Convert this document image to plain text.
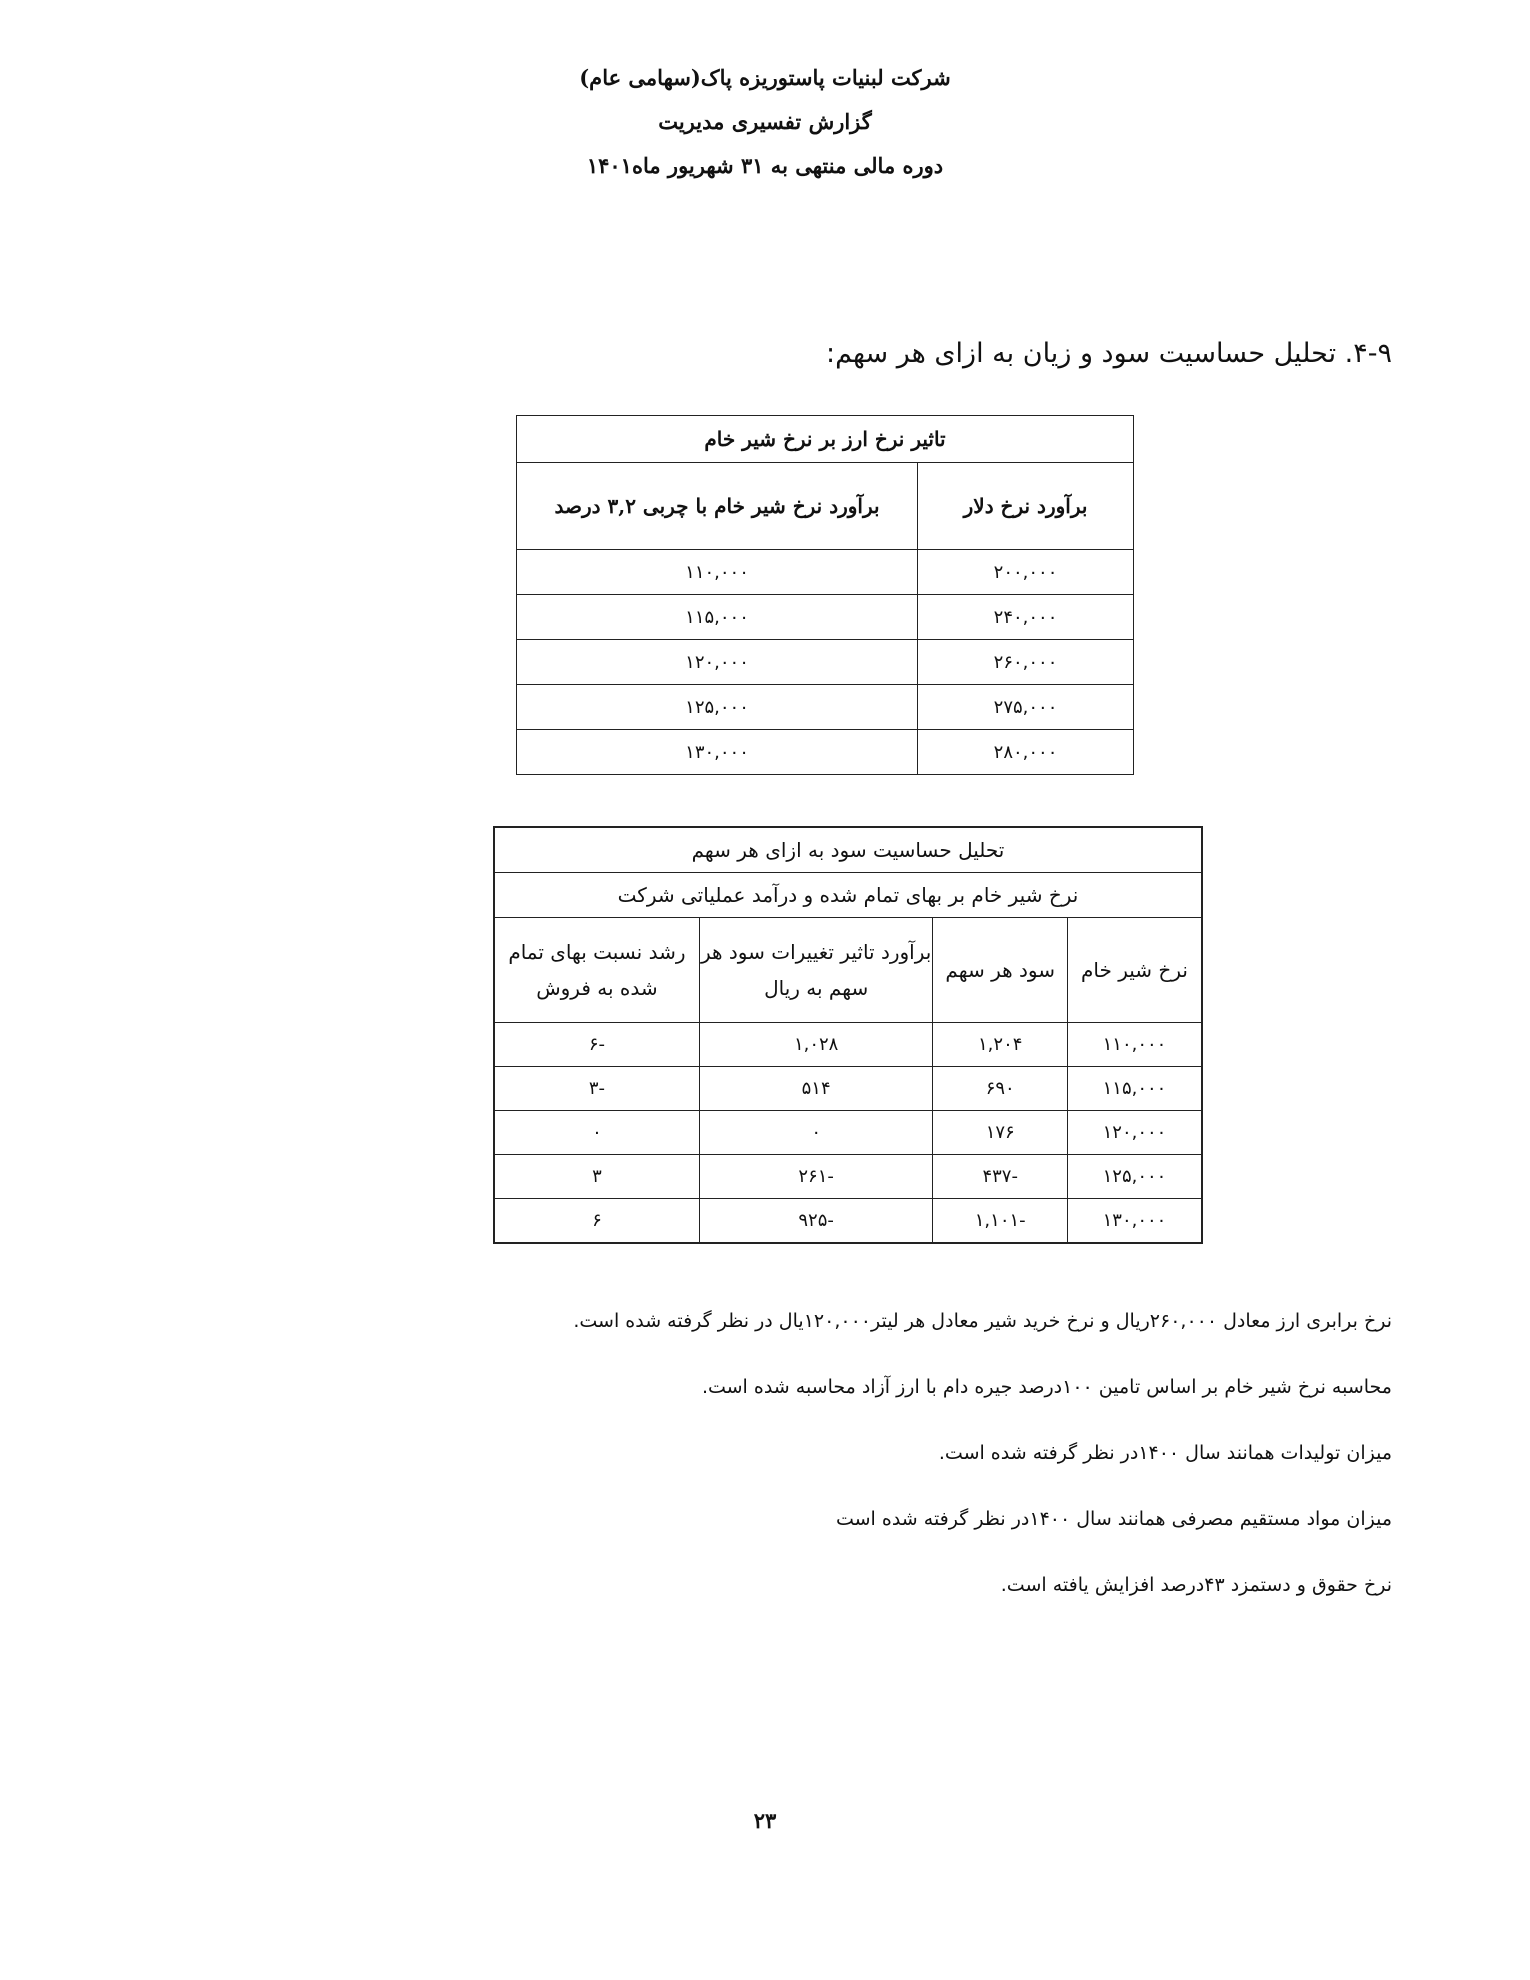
شرکت لبنیات پاستوریزه پاک(سهامی عام)
گزارش تفسیری مدیریت
دوره مالی منتهی به ۳۱ شهریور ماه۱۴۰۱
۴-۹. تحلیل حساسیت سود و زیان به ازای هر سهم:
تاثیر نرخ ارز بر نرخ شیر خام	
برآورد نرخ دلار	برآورد نرخ شیر خام با چربی ۳,۲ درصد
۲۰۰,۰۰۰	۱۱۰,۰۰۰
۲۴۰,۰۰۰	۱۱۵,۰۰۰
۲۶۰,۰۰۰	۱۲۰,۰۰۰
۲۷۵,۰۰۰	۱۲۵,۰۰۰
۲۸۰,۰۰۰	۱۳۰,۰۰۰
تحلیل حساسیت سود به ازای هر سهم			
نرخ شیر خام بر بهای تمام شده و درآمد عملیاتی شرکت			
نرخ شیر خام	سود هر سهم	برآورد تاثیر تغییرات سود هر سهم به ریال	رشد نسبت بهای تمام شده به فروش
۱۱۰,۰۰۰	۱,۲۰۴	۱,۰۲۸	-۶
۱۱۵,۰۰۰	۶۹۰	۵۱۴	-۳
۱۲۰,۰۰۰	۱۷۶	۰	۰
۱۲۵,۰۰۰	-۴۳۷	-۲۶۱	۳
۱۳۰,۰۰۰	-۱,۱۰۱	-۹۲۵	۶

نرخ برابری ارز معادل ۲۶۰,۰۰۰ریال و نرخ خرید شیر معادل هر لیتر۱۲۰,۰۰۰یال در نظر گرفته شده است.

محاسبه نرخ شیر خام بر اساس تامین ۱۰۰درصد جیره دام با ارز آزاد محاسبه شده است.

میزان تولیدات همانند سال ۱۴۰۰در نظر گرفته شده است.

میزان مواد مستقیم مصرفی همانند سال ۱۴۰۰در نظر گرفته شده است

نرخ حقوق و دستمزد ۴۳درصد افزایش یافته است.

۲۳
